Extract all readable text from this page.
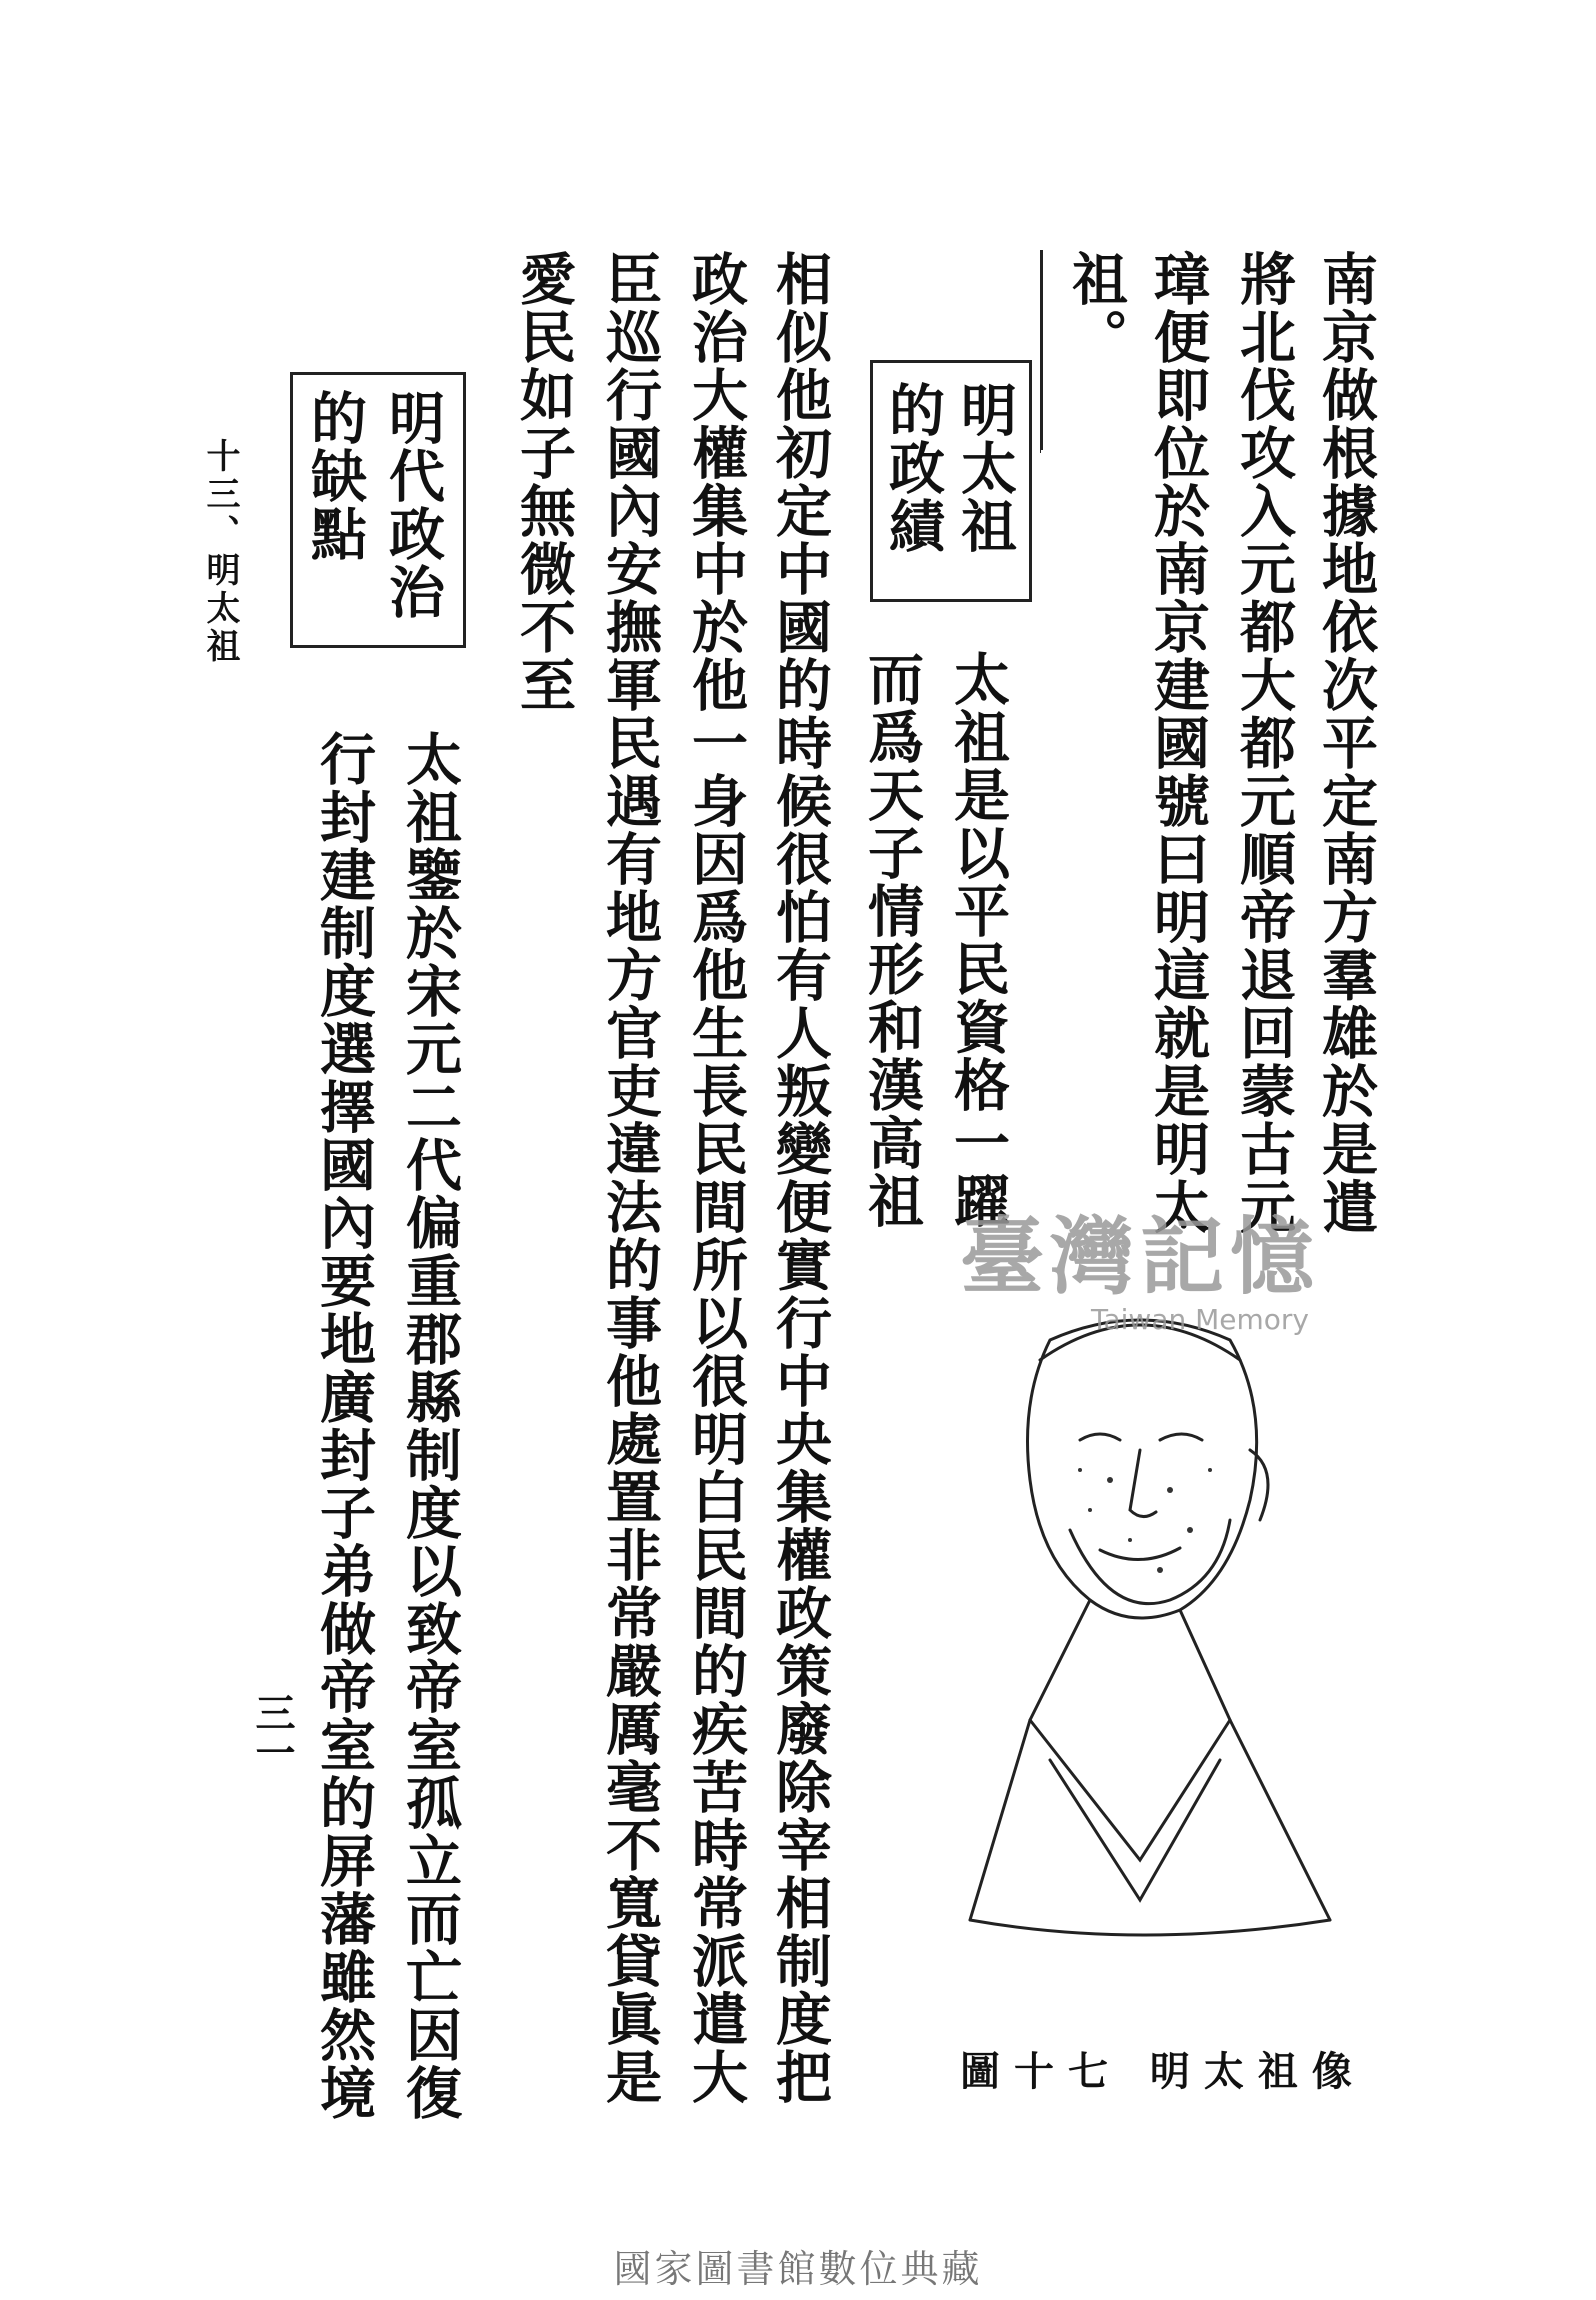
十三、明太祖
三一
南京做根據地依次平定南方羣雄於是遣
將北伐攻入元都大都元順帝退回蒙古元
璋便即位於南京建國號曰明這就是明太
祖。
太祖是以平民資格一躍
而爲天子情形和漢高祖
明太祖
的政績
相似他初定中國的時候很怕有人叛變便實行中央集權政策廢除宰相制度把
政治大權集中於他一身因爲他生長民間所以很明白民間的疾苦時常派遣大
臣巡行國內安撫軍民遇有地方官吏違法的事他處置非常嚴厲毫不寬貸眞是
愛民如子無微不至
明代政治
的缺點
太祖鑒於宋元二代偏重郡縣制度以致帝室孤立而亡因復
行封建制度選擇國內要地廣封子弟做帝室的屏藩雖然境	圖十七 明太祖像
臺灣記憶
Taiwan Memory
國家圖書館數位典藏
